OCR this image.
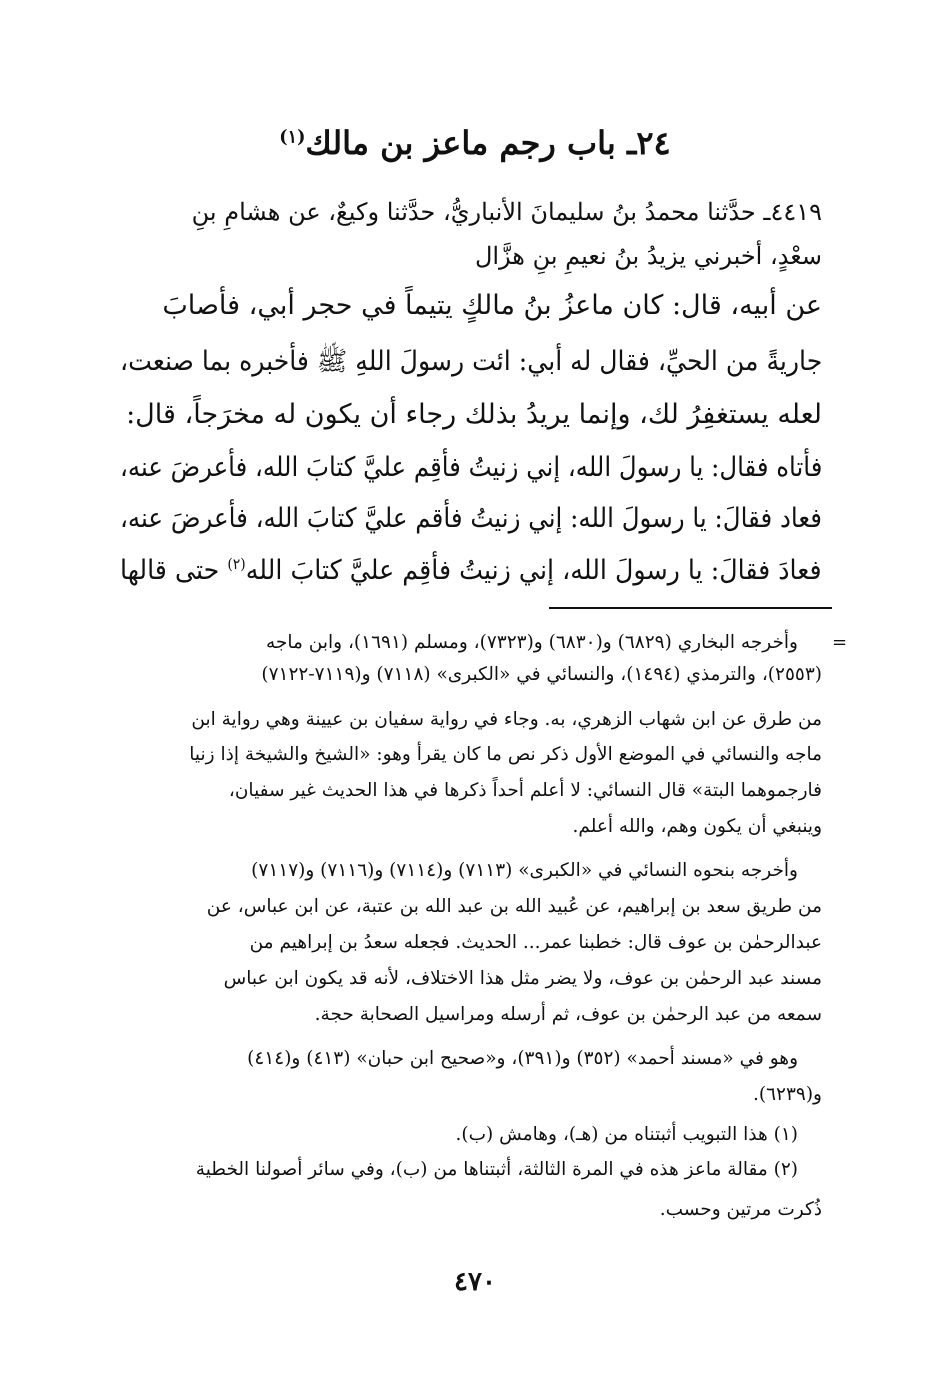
٢٤ـ باب رجم ماعز بن مالك$^{(١)}$
٤٤١٩ـ حدَّثنا محمدُ بنُ سليمانَ الأنباريُّ، حدَّثنا وكيعٌ، عن هشامِ بنِ
سعْدٍ، أخبرني يزيدُ بنُ نعيمِ بنِ هزَّال
عن أبيه، قال: كان ماعزُ بنُ مالكٍ يتيماً في حجر أبي، فأصابَ
جاريةً من الحيِّ، فقال له أبي: ائت رسولَ اللهِ ﷺ فأخبره بما صنعت،
لعله يستغفِرُ لك، وإنما يريدُ بذلك رجاء أن يكون له مخرَجاً، قال:
فأتاه فقال: يا رسولَ الله، إني زنيتُ فأقِم عليَّ كتابَ الله، فأعرضَ عنه،
فعاد فقالَ: يا رسولَ الله: إني زنيتُ فأقم عليَّ كتابَ الله، فأعرضَ عنه،
فعادَ فقالَ: يا رسولَ الله، إني زنيتُ فأقِم عليَّ كتابَ الله$^{(٢)}$ حتى قالها
=
وأخرجه البخاري (٦٨٢٩) و(٦٨٣٠) و(٧٣٢٣)، ومسلم (١٦٩١)، وابن ماجه
(٢٥٥٣)، والترمذي (١٤٩٤)، والنسائي في «الكبرى» (٧١١٨) و(٧١١٩-٧١٢٢)
من طرق عن ابن شهاب الزهري، به. وجاء في رواية سفيان بن عيينة وهي رواية ابن
ماجه والنسائي في الموضع الأول ذكر نص ما كان يقرأ وهو: «الشيخ والشيخة إذا زنيا
فارجموهما البتة» قال النسائي: لا أعلم أحداً ذكرها في هذا الحديث غير سفيان،
وينبغي أن يكون وهم، والله أعلم.
وأخرجه بنحوه النسائي في «الكبرى» (٧١١٣) و(٧١١٤) و(٧١١٦) و(٧١١٧)
من طريق سعد بن إبراهيم، عن عُبيد الله بن عبد الله بن عتبة، عن ابن عباس، عن
عبدالرحمٰن بن عوف قال: خطبنا عمر... الحديث. فجعله سعدُ بن إبراهيم من
مسند عبد الرحمٰن بن عوف، ولا يضر مثل هذا الاختلاف، لأنه قد يكون ابن عباس
سمعه من عبد الرحمٰن بن عوف، ثم أرسله ومراسيل الصحابة حجة.
وهو في «مسند أحمد» (٣٥٢) و(٣٩١)، و«صحيح ابن حبان» (٤١٣) و(٤١٤)
و(٦٢٣٩).
(١) هذا التبويب أثبتناه من (هـ)، وهامش (ب).
(٢) مقالة ماعز هذه في المرة الثالثة، أثبتناها من (ب)، وفي سائر أصولنا الخطية
ذُكرت مرتين وحسب.
٤٧٠
